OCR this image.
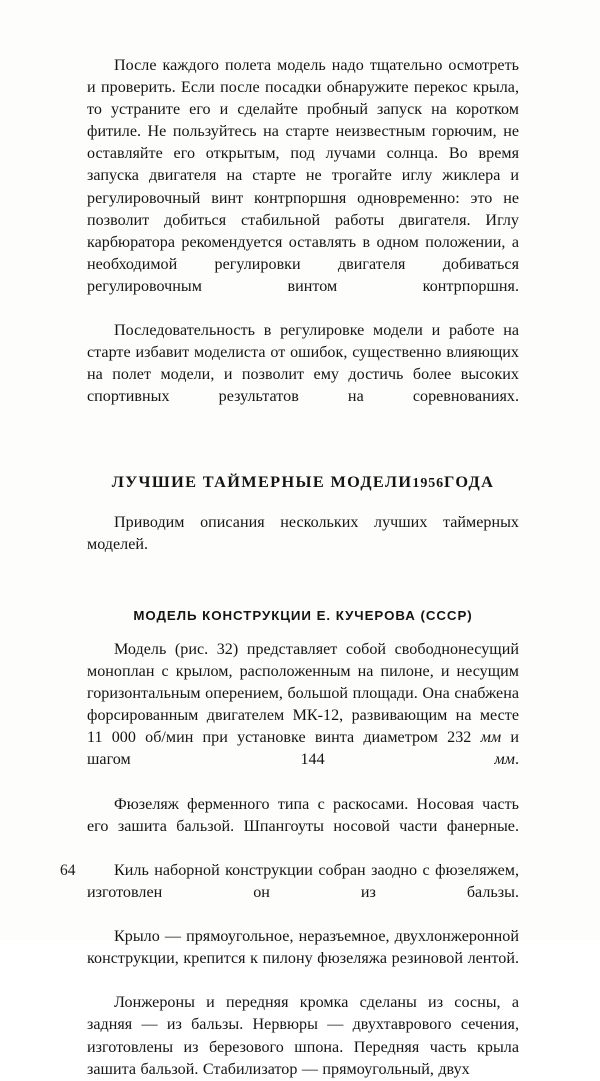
После каждого полета модель надо тщательно осмотреть и проверить. Если после посадки обнаружите перекос крыла, то устраните его и сделайте пробный запуск на коротком фитиле. Не пользуйтесь на старте неизвестным горючим, не оставляйте его открытым, под лучами солнца. Во время запуска двигателя на старте не трогайте иглу жиклера и регулировочный винт контрпоршня одновременно: это не позволит добиться стабильной работы двигателя. Иглу карбюратора рекомендуется оставлять в одном положении, а необходимой регулировки двигателя добиваться регулировочным винтом контрпоршня.

Последовательность в регулировке модели и работе на старте избавит моделиста от ошибок, существенно влияющих на полет модели, и позволит ему достичь более высоких спортивных результатов на соревнованиях.

ЛУЧШИЕ ТАЙМЕРНЫЕ МОДЕЛИ1956ГОДА

Приводим описания нескольких лучших таймерных моделей.

МОДЕЛЬ КОНСТРУКЦИИ Е. КУЧЕРОВА (СССР)

Модель (рис. 32) представляет собой свободнонесущий моноплан с крылом, расположенным на пилоне, и несущим горизонтальным оперением, большой площади. Она снабжена форсированным двигателем МК-12, развивающим на месте 11 000 об/мин при установке винта диаметром 232 мм и шагом 144 мм.

Фюзеляж ферменного типа с раскосами. Носовая часть его зашита бальзой. Шпангоуты носовой части фанерные.

Киль наборной конструкции собран заодно с фюзеляжем, изготовлен он из бальзы.

Крыло — прямоугольное, неразъемное, двухлонжеронной конструкции, крепится к пилону фюзеляжа резиновой лентой.

Лонжероны и передняя кромка сделаны из сосны, а задняя — из бальзы. Нервюры — двухтаврового сечения, изготовлены из березового шпона. Передняя часть крыла зашита бальзой. Стабилизатор — прямоугольный, двух

64
